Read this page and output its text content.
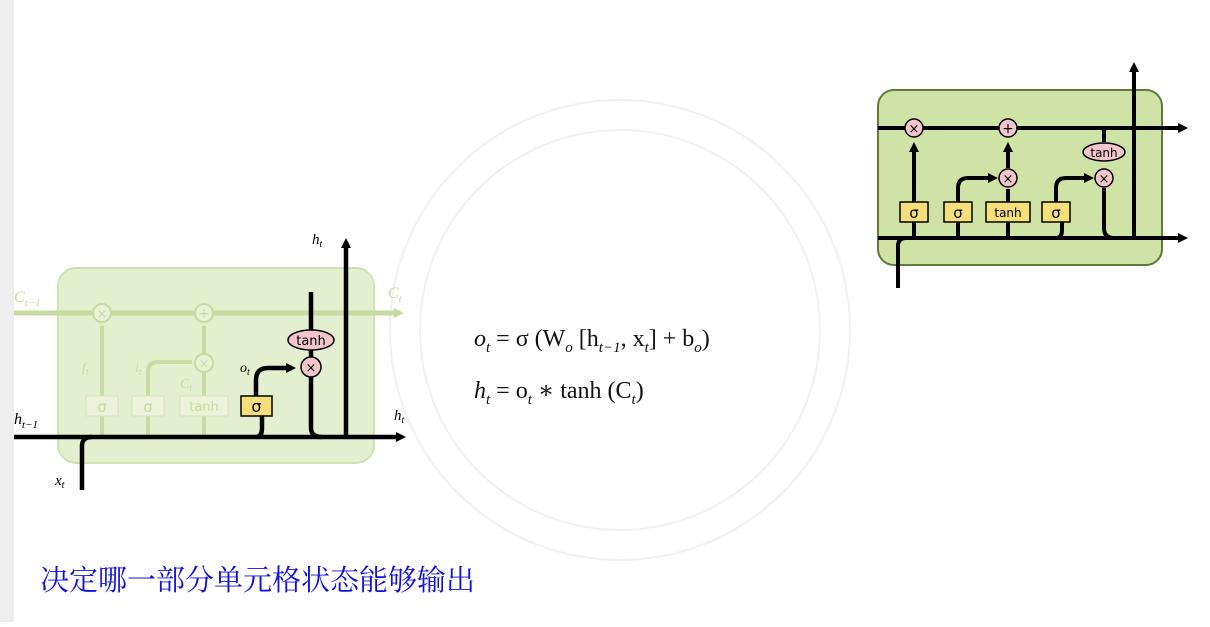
×	+
×
σ σ	tanh
$f_t$	$i_t$
$C_t$
$C_{t-1}$
$C_t$
σ
tanh
×
$h_t$
$o_t$
$h_{t-1}$
$h_t$
$x_t$
×	+
×
tanh
×
σ σ	tanh σ
$o_t = \sigma$ ($W_o$ [$h_{t-1}$, $x_t] + b_o$)
$h_t = o_t$ ∗ $\tanh (C_t)$
决定哪一部分单元格状态能够输出
